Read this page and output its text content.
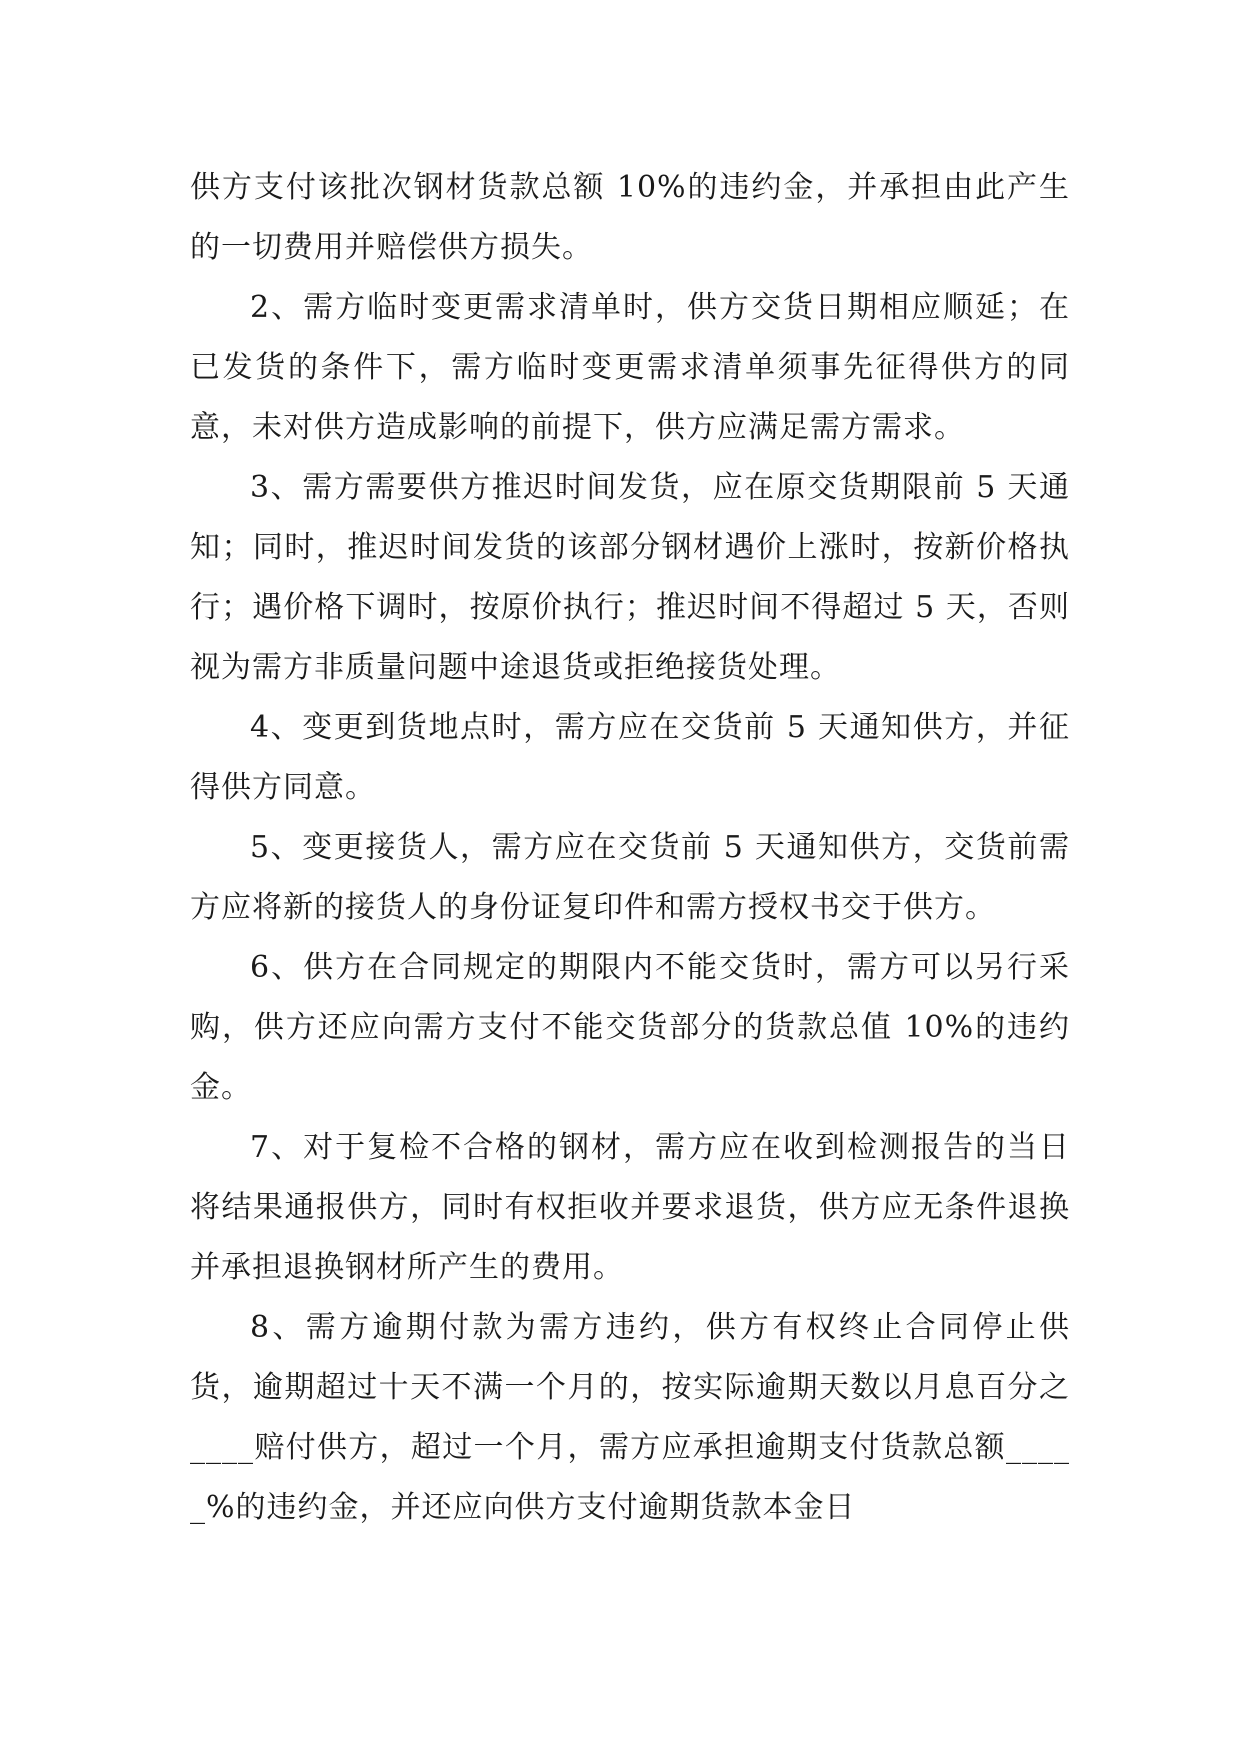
供方支付该批次钢材货款总额 10%的违约金，并承担由此产生的一切费用并赔偿供方损失。

2、需方临时变更需求清单时，供方交货日期相应顺延；在已发货的条件下，需方临时变更需求清单须事先征得供方的同意，未对供方造成影响的前提下，供方应满足需方需求。

3、需方需要供方推迟时间发货，应在原交货期限前 5 天通知；同时，推迟时间发货的该部分钢材遇价上涨时，按新价格执行；遇价格下调时，按原价执行；推迟时间不得超过 5 天，否则视为需方非质量问题中途退货或拒绝接货处理。

4、变更到货地点时，需方应在交货前 5 天通知供方，并征得供方同意。

5、变更接货人，需方应在交货前 5 天通知供方，交货前需方应将新的接货人的身份证复印件和需方授权书交于供方。

6、供方在合同规定的期限内不能交货时，需方可以另行采购，供方还应向需方支付不能交货部分的货款总值 10%的违约金。

7、对于复检不合格的钢材，需方应在收到检测报告的当日将结果通报供方，同时有权拒收并要求退货，供方应无条件退换并承担退换钢材所产生的费用。

8、需方逾期付款为需方违约，供方有权终止合同停止供货，逾期超过十天不满一个月的，按实际逾期天数以月息百分之____赔付供方，超过一个月，需方应承担逾期支付货款总额_____%的违约金，并还应向供方支付逾期货款本金日
